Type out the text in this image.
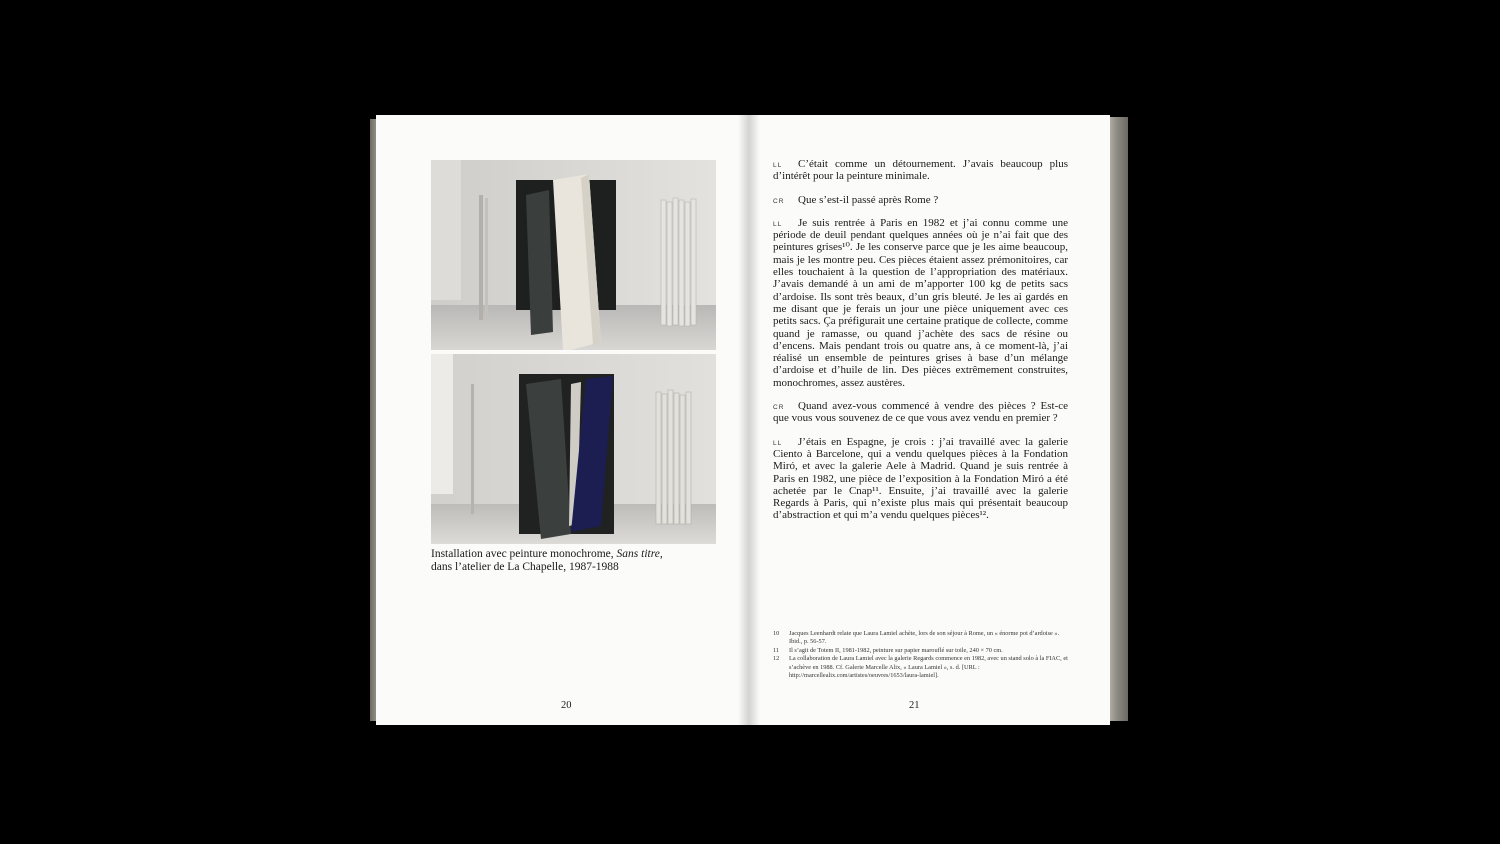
Installation avec peinture monochrome, Sans titre,
dans l’atelier de La Chapelle, 1987-1988
20

LL C’était comme un détournement. J’avais beaucoup plus d’intérêt pour la peinture minimale.

CR Que s’est-il passé après Rome ?

LL Je suis rentrée à Paris en 1982 et j’ai connu comme une période de deuil pendant quelques années où je n’ai fait que des peintures grises¹⁰. Je les conserve parce que je les aime beaucoup, mais je les montre peu. Ces pièces étaient assez prémonitoires, car elles touchaient à la question de l’appropriation des matériaux. J’avais demandé à un ami de m’apporter 100 kg de petits sacs d’ardoise. Ils sont très beaux, d’un gris bleuté. Je les ai gardés en me disant que je ferais un jour une pièce uniquement avec ces petits sacs. Ça préfigurait une certaine pratique de collecte, comme quand je ramasse, ou quand j’achète des sacs de résine ou d’encens. Mais pendant trois ou quatre ans, à ce moment-là, j’ai réalisé un ensemble de peintures grises à base d’un mélange d’ardoise et d’huile de lin. Des pièces extrêmement construites, monochromes, assez austères.

CR Quand avez-vous commencé à vendre des pièces ? Est-ce que vous vous souvenez de ce que vous avez vendu en premier ?

LL J’étais en Espagne, je crois : j’ai travaillé avec la galerie Ciento à Barcelone, qui a vendu quelques pièces à la Fondation Miró, et avec la galerie Aele à Madrid. Quand je suis rentrée à Paris en 1982, une pièce de l’exposition à la Fondation Miró a été achetée par le Cnap¹¹. Ensuite, j’ai travaillé avec la galerie Regards à Paris, qui n’existe plus mais qui présentait beaucoup d’abstraction et qui m’a vendu quelques pièces¹².

10 Jacques Leenhardt relate que Laura Lamiel achète, lors de son séjour à Rome, un « énorme pot d’ardoise ». Ibid., p. 56-57.
11 Il s’agit de Totem II, 1981-1982, peinture sur papier marouflé sur toile, 240 × 70 cm.
12 La collaboration de Laura Lamiel avec la galerie Regards commence en 1982, avec un stand solo à la FIAC, et s’achève en 1988. Cf. Galerie Marcelle Alix, « Laura Lamiel », s. d. [URL : http://marcellealix.com/artistes/oeuvres/1653/laura-lamiel].
21
